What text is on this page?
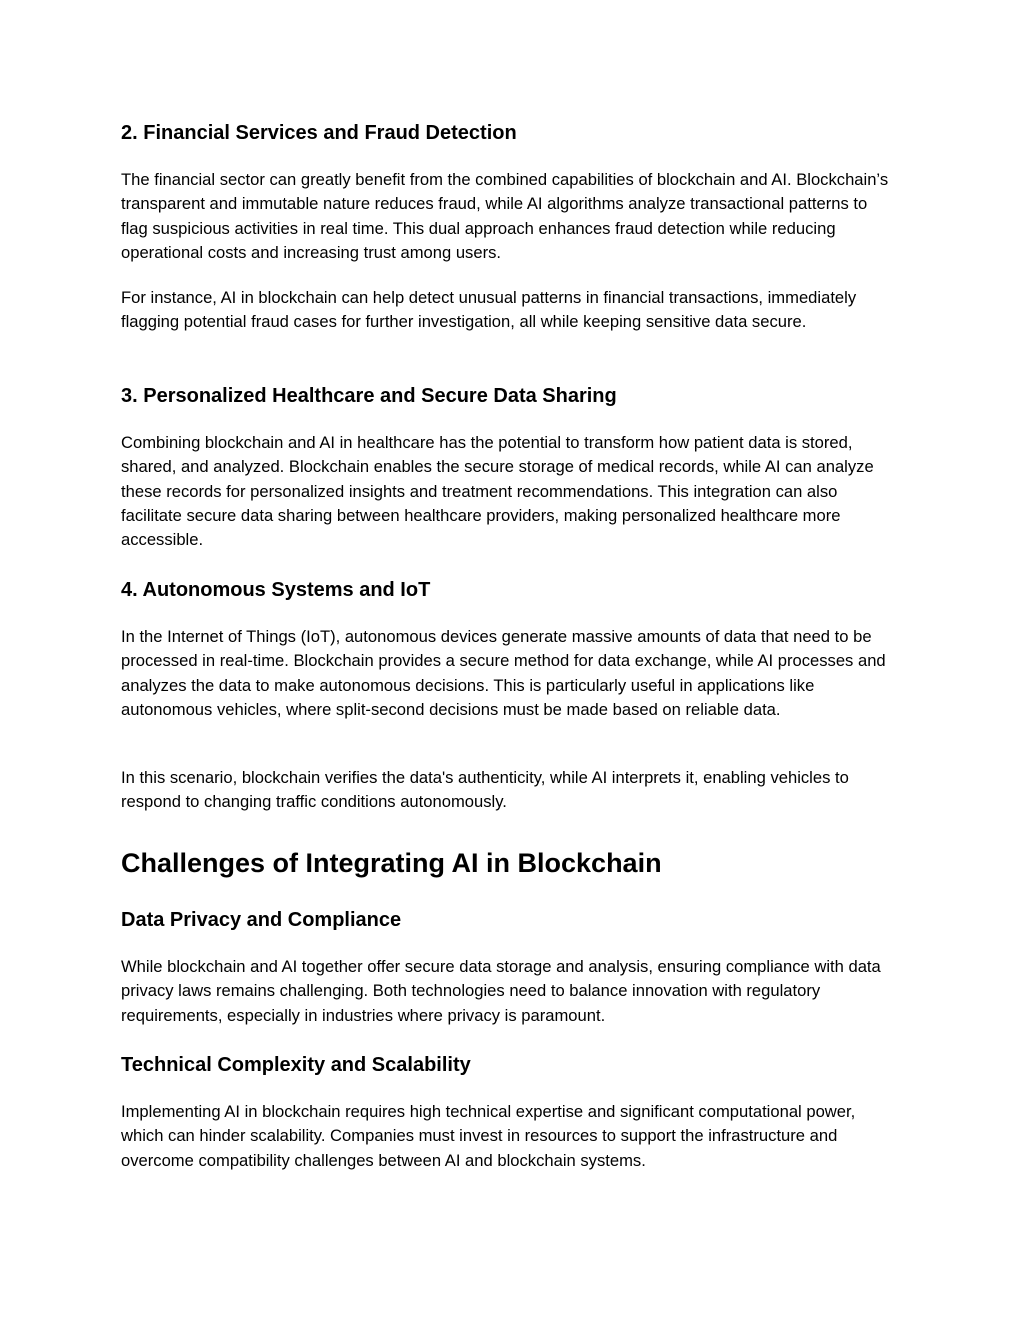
2. Financial Services and Fraud Detection

The financial sector can greatly benefit from the combined capabilities of blockchain and AI. Blockchain’s transparent and immutable nature reduces fraud, while AI algorithms analyze transactional patterns to flag suspicious activities in real time. This dual approach enhances fraud detection while reducing operational costs and increasing trust among users.

For instance, AI in blockchain can help detect unusual patterns in financial transactions, immediately flagging potential fraud cases for further investigation, all while keeping sensitive data secure.

3. Personalized Healthcare and Secure Data Sharing

Combining blockchain and AI in healthcare has the potential to transform how patient data is stored, shared, and analyzed. Blockchain enables the secure storage of medical records, while AI can analyze these records for personalized insights and treatment recommendations. This integration can also facilitate secure data sharing between healthcare providers, making personalized healthcare more accessible.

4. Autonomous Systems and IoT

In the Internet of Things (IoT), autonomous devices generate massive amounts of data that need to be processed in real-time. Blockchain provides a secure method for data exchange, while AI processes and analyzes the data to make autonomous decisions. This is particularly useful in applications like autonomous vehicles, where split-second decisions must be made based on reliable data.

In this scenario, blockchain verifies the data's authenticity, while AI interprets it, enabling vehicles to respond to changing traffic conditions autonomously.

Challenges of Integrating AI in Blockchain
Data Privacy and Compliance

While blockchain and AI together offer secure data storage and analysis, ensuring compliance with data privacy laws remains challenging. Both technologies need to balance innovation with regulatory requirements, especially in industries where privacy is paramount.

Technical Complexity and Scalability

Implementing AI in blockchain requires high technical expertise and significant computational power, which can hinder scalability. Companies must invest in resources to support the infrastructure and overcome compatibility challenges between AI and blockchain systems.
